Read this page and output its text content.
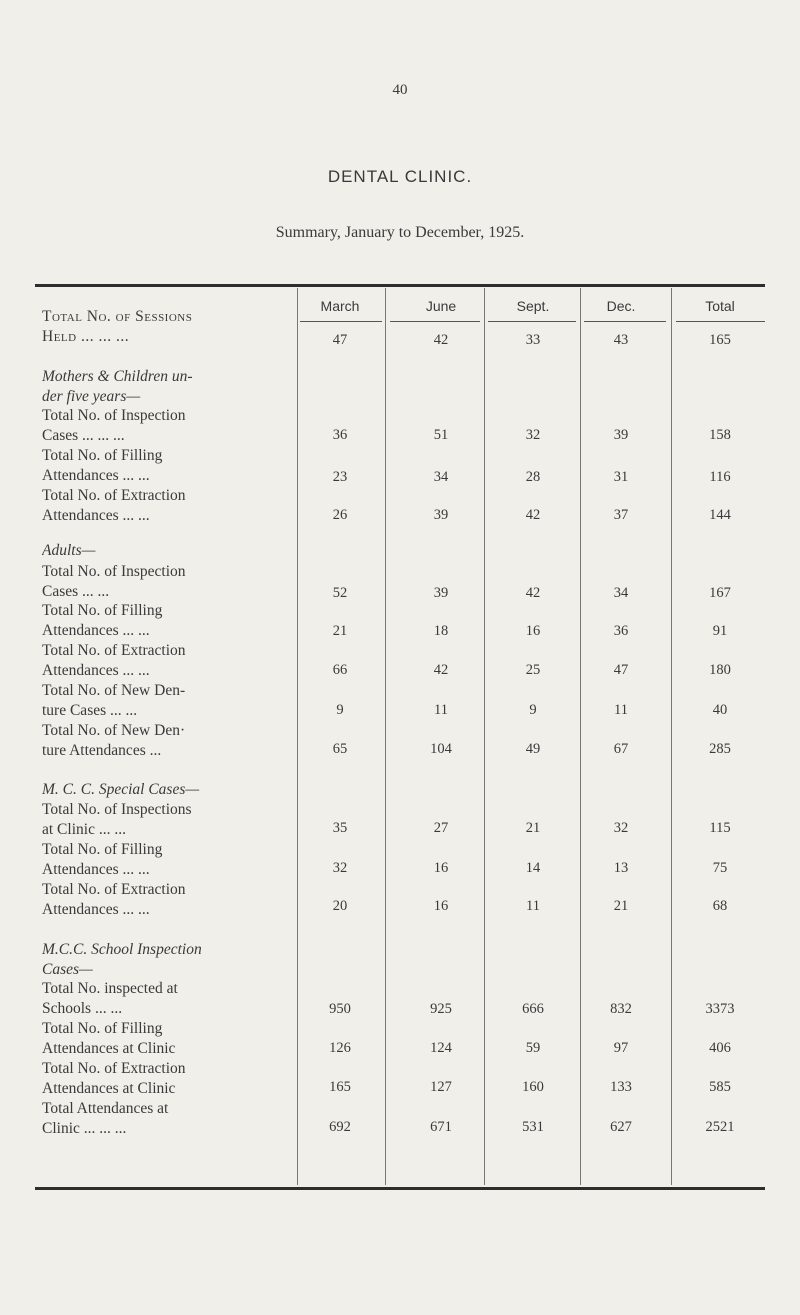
40
DENTAL CLINIC.
Summary, January to December, 1925.
March	June	Sept.	Dec.	Total
Total No. of Sessions
Held ... ... ...	47	42	33	43	165
Mothers & Children un-
der five years—
Total No. of Inspection
Cases ... ... ...	36	51	32	39	158
Total No. of Filling
Attendances ... ...	23	34	28	31	116
Total No. of Extraction
Attendances ... ...	26	39	42	37	144
Adults—
Total No. of Inspection
Cases ... ...	52	39	42	34	167
Total No. of Filling
Attendances ... ...	21	18	16	36	91
Total No. of Extraction
Attendances ... ...	66	42	25	47	180
Total No. of New Den-
ture Cases ... ...	9	11	9	11	40
Total No. of New Den·
ture Attendances ...	65	104	49	67	285
M. C. C. Special Cases—
Total No. of Inspections
at Clinic ... ...	35	27	21	32	115
Total No. of Filling
Attendances ... ...	32	16	14	13	75
Total No. of Extraction
Attendances ... ...	20	16	11	21	68
M.C.C. School Inspection
Cases—
Total No. inspected at
Schools ... ...	950	925	666	832	3373
Total No. of Filling
Attendances at Clinic	126	124	59	97	406
Total No. of Extraction
Attendances at Clinic	165	127	160	133	585
Total Attendances at
Clinic ... ... ...	692	671	531	627	2521
